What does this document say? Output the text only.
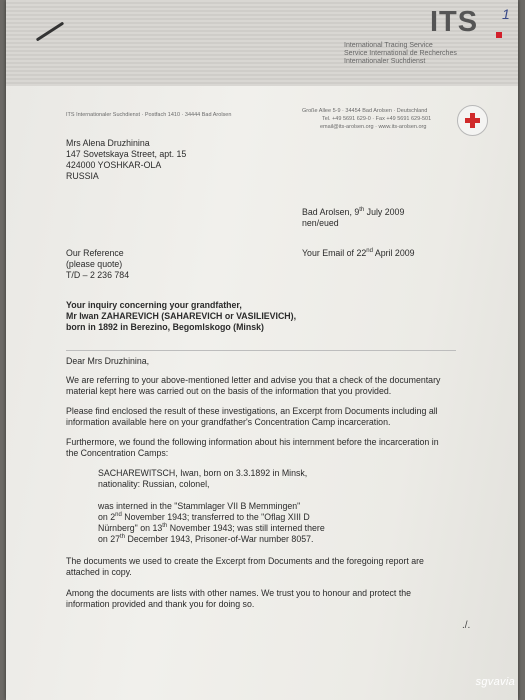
ITS 1
International Tracing Service
Service International de Recherches
Internationaler Suchdienst
ITS Internationaler Suchdienst · Postfach 1410 · 34444 Bad Arolsen
Große Allee 5-9 · 34454 Bad Arolsen · Deutschland
Tel. +49 5691 629-0 · Fax +49 5691 629-501
email@its-arolsen.org · www.its-arolsen.org
Mrs Alena Druzhinina
147 Sovetskaya Street, apt. 15
424000 YOSHKAR-OLA
RUSSIA
Bad Arolsen, 9th July 2009
nen/eued
Our Reference
(please quote)
T/D – 2 236 784
Your Email of 22nd April 2009
Your inquiry concerning your grandfather,
Mr Iwan ZAHAREVICH (SAHAREVICH or VASILIEVICH),
born in 1892 in Berezino, Begomlskogo (Minsk)
Dear Mrs Druzhinina,
We are referring to your above-mentioned letter and advise you that a check of the documentary
material kept here was carried out on the basis of the information that you provided.
Please find enclosed the result of these investigations, an Excerpt from Documents including all
information available here on your grandfather's Concentration Camp incarceration.
Furthermore, we found the following information about his internment before the incarceration in
the Concentration Camps:
SACHAREWITSCH, Iwan, born on 3.3.1892 in Minsk,
nationality: Russian, colonel,
was interned in the "Stammlager VII B Memmingen"
on 2nd November 1943; transferred to the "Oflag XIII D
Nürnberg" on 13th November 1943; was still interned there
on 27th December 1943, Prisoner-of-War number 8057.
The documents we used to create the Excerpt from Documents and the foregoing report are
attached in copy.
Among the documents are lists with other names. We trust you to honour and protect the
information provided and thank you for doing so.
./.
sgvavia
